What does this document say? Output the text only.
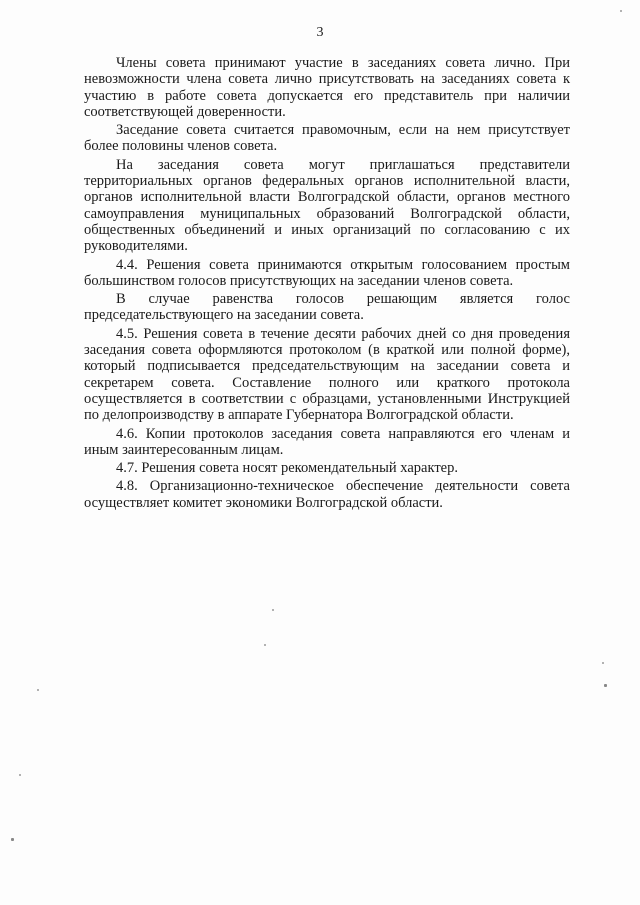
3

Члены совета принимают участие в заседаниях совета лично. При невозможности члена совета лично присутствовать на заседаниях совета к участию в работе совета допускается его представитель при наличии соответствующей доверенности.

Заседание совета считается правомочным, если на нем присутствует более половины членов совета.

На заседания совета могут приглашаться представители территориальных органов федеральных органов исполнительной власти, органов исполнительной власти Волгоградской области, органов местного самоуправления муниципальных образований Волгоградской области, общественных объединений и иных организаций по согласованию с их руководителями.

4.4. Решения совета принимаются открытым голосованием простым большинством голосов присутствующих на заседании членов совета.

В случае равенства голосов решающим является голос председательствующего на заседании совета.

4.5. Решения совета в течение десяти рабочих дней со дня проведения заседания совета оформляются протоколом (в краткой или полной форме), который подписывается председательствующим на заседании совета и секретарем совета. Составление полного или краткого протокола осуществляется в соответствии с образцами, установленными Инструкцией по делопроизводству в аппарате Губернатора Волгоградской области.

4.6. Копии протоколов заседания совета направляются его членам и иным заинтересованным лицам.

4.7. Решения совета носят рекомендательный характер.

4.8. Организационно-техническое обеспечение деятельности совета осуществляет комитет экономики Волгоградской области.
